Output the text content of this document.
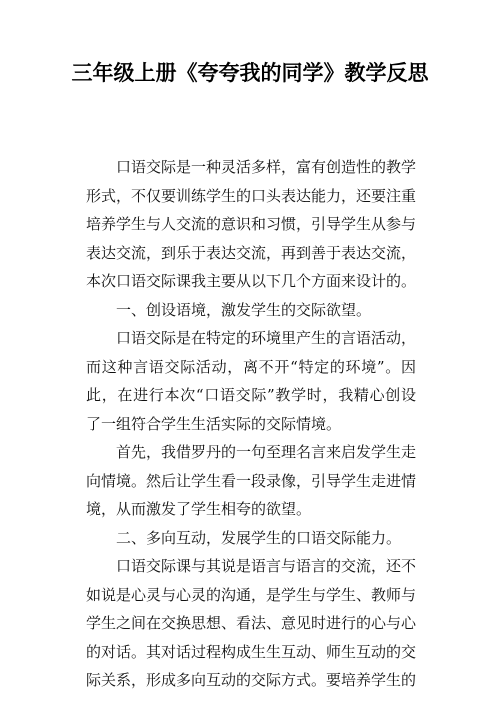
三年级上册《夸夸我的同学》教学反思

口语交际是一种灵活多样，富有创造性的教学形式，不仅要训练学生的口头表达能力，还要注重培养学生与人交流的意识和习惯，引导学生从参与表达交流，到乐于表达交流，再到善于表达交流，本次口语交际课我主要从以下几个方面来设计的。

一、创设语境，激发学生的交际欲望。

口语交际是在特定的环境里产生的言语活动，而这种言语交际活动，离不开“特定的环境”。因此，在进行本次“口语交际”教学时，我精心创设了一组符合学生生活实际的交际情境。

首先，我借罗丹的一句至理名言来启发学生走向情境。然后让学生看一段录像，引导学生走进情境，从而激发了学生相夸的欲望。

二、多向互动，发展学生的口语交际能力。

口语交际课与其说是语言与语言的交流，还不如说是心灵与心灵的沟通，是学生与学生、教师与学生之间在交换思想、看法、意见时进行的心与心的对话。其对话过程构成生生互动、师生互动的交际关系，形成多向互动的交际方式。要培养学生的
